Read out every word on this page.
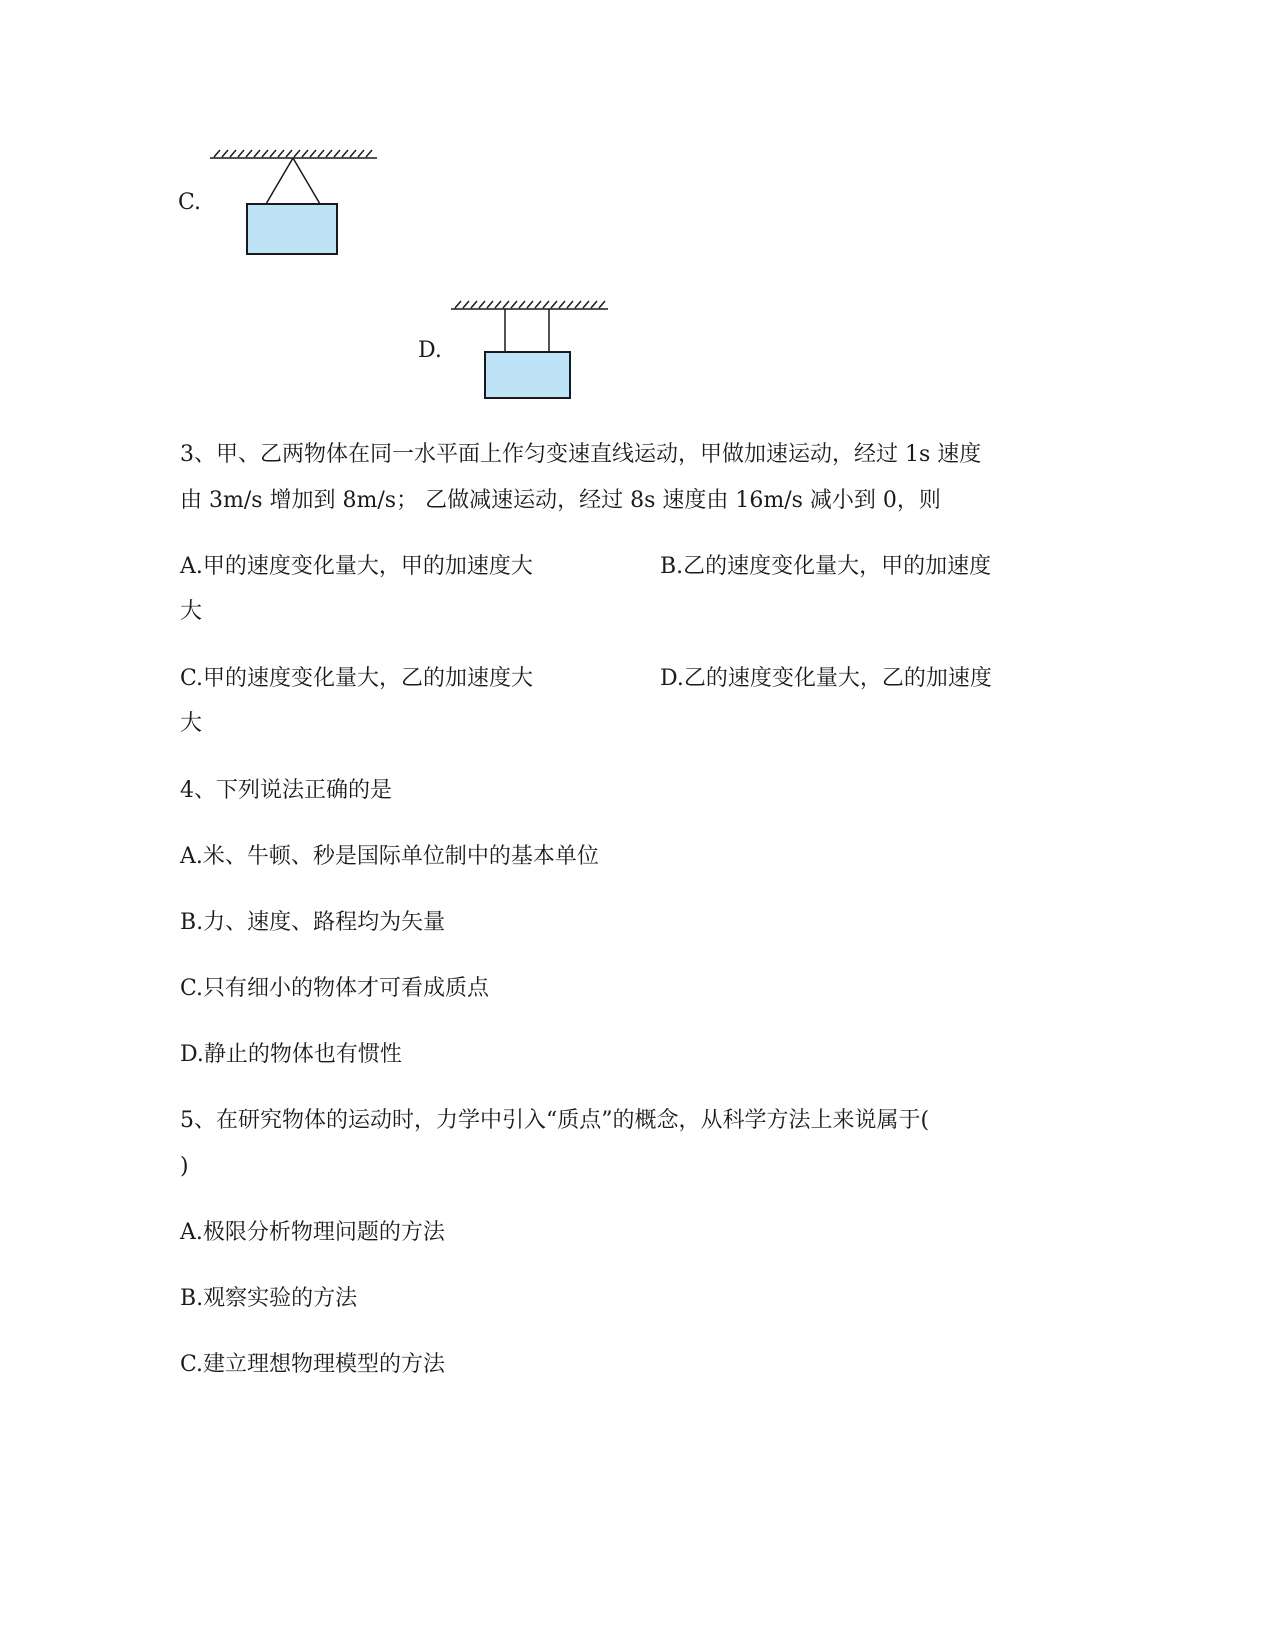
C.
D.
3、甲、乙两物体在同一水平面上作匀变速直线运动，甲做加速运动，经过 1s 速度
由 3m/s 增加到 8m/s； 乙做减速运动，经过 8s 速度由 16m/s 减小到 0，则
A.甲的速度变化量大，甲的加速度大	B.乙的速度变化量大，甲的加速度
大
C.甲的速度变化量大，乙的加速度大	D.乙的速度变化量大，乙的加速度
大
4、下列说法正确的是
A.米、牛顿、秒是国际单位制中的基本单位
B.力、速度、路程均为矢量
C.只有细小的物体才可看成质点
D.静止的物体也有惯性
5、在研究物体的运动时，力学中引入“质点”的概念，从科学方法上来说属于(
)
A.极限分析物理问题的方法
B.观察实验的方法
C.建立理想物理模型的方法
